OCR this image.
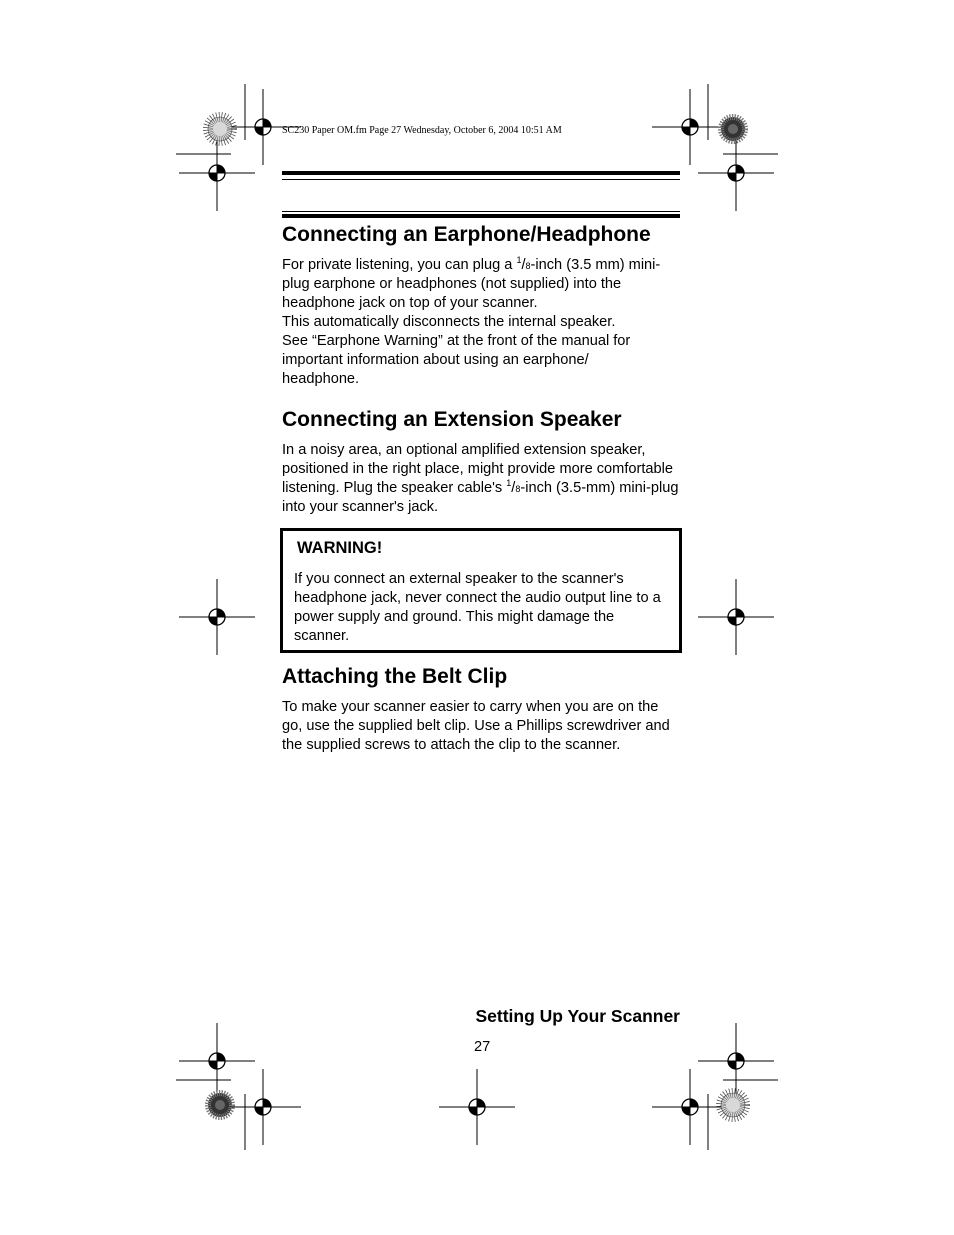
SC230 Paper OM.fm Page 27 Wednesday, October 6, 2004 10:51 AM
Connecting an Earphone/Headphone

For private listening, you can plug a $^1$/8-inch (3.5 mm) mini-plug earphone or headphones (not supplied) into the headphone jack on top of your scanner.

This automatically disconnects the internal speaker.

See “Earphone Warning” at the front of the manual for important information about using an earphone/ headphone.

Connecting an Extension Speaker

In a noisy area, an optional amplified extension speaker, positioned in the right place, might provide more comfortable listening. Plug the speaker cable's $^1$/8-inch (3.5-mm) mini-plug into your scanner's jack.

WARNING!

If you connect an external speaker to the scanner's headphone jack, never connect the audio output line to a power supply and ground. This might damage the scanner.

Attaching the Belt Clip

To make your scanner easier to carry when you are on the go, use the supplied belt clip. Use a Phillips screwdriver and the supplied screws to attach the clip to the scanner.

Setting Up Your Scanner
27
